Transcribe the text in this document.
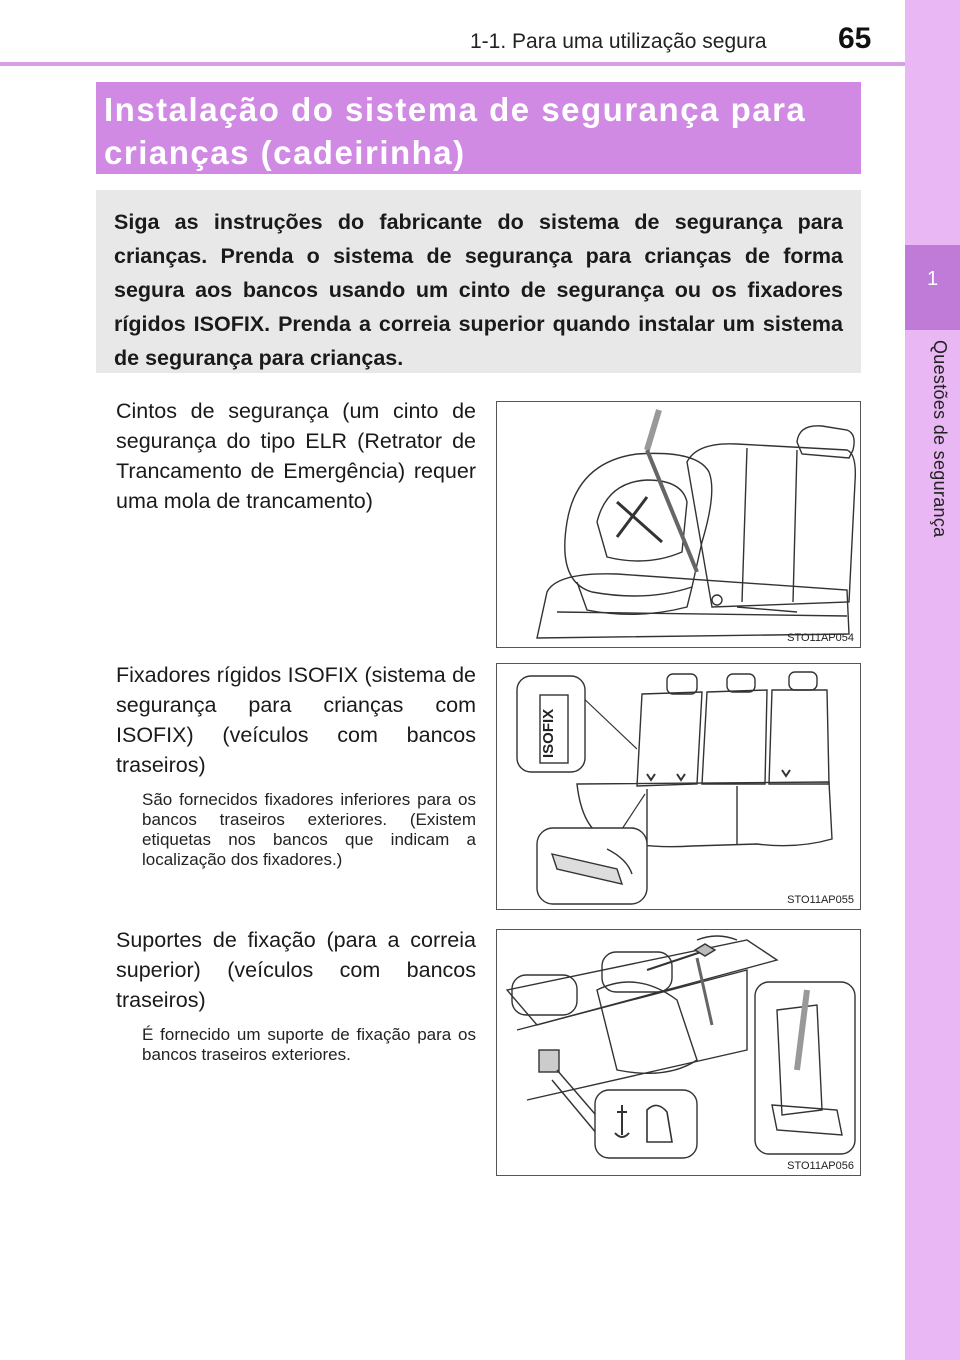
1-1. Para uma utilização segura 65
1
Questões de segurança
Instalação do sistema de segurança para crianças (cadeirinha)
Siga as instruções do fabricante do sistema de segurança para crianças. Prenda o sistema de segurança para crianças de forma segura aos bancos usando um cinto de segurança ou os fixadores rígidos ISOFIX. Prenda a correia superior quando instalar um sistema de segurança para crianças.
Cintos de segurança (um cinto de segurança do tipo ELR (Retrator de Trancamento de Emergência) requer uma mola de trancamento)
STO11AP054
Fixadores rígidos ISOFIX (sistema de segurança para crianças com ISOFIX) (veículos com bancos traseiros)
São fornecidos fixadores inferiores para os bancos traseiros exteriores. (Existem etiquetas nos bancos que indicam a localização dos fixadores.)
ISOFIX
STO11AP055
Suportes de fixação (para a correia superior) (veículos com bancos traseiros)
É fornecido um suporte de fixação para os bancos traseiros exteriores.
STO11AP056
